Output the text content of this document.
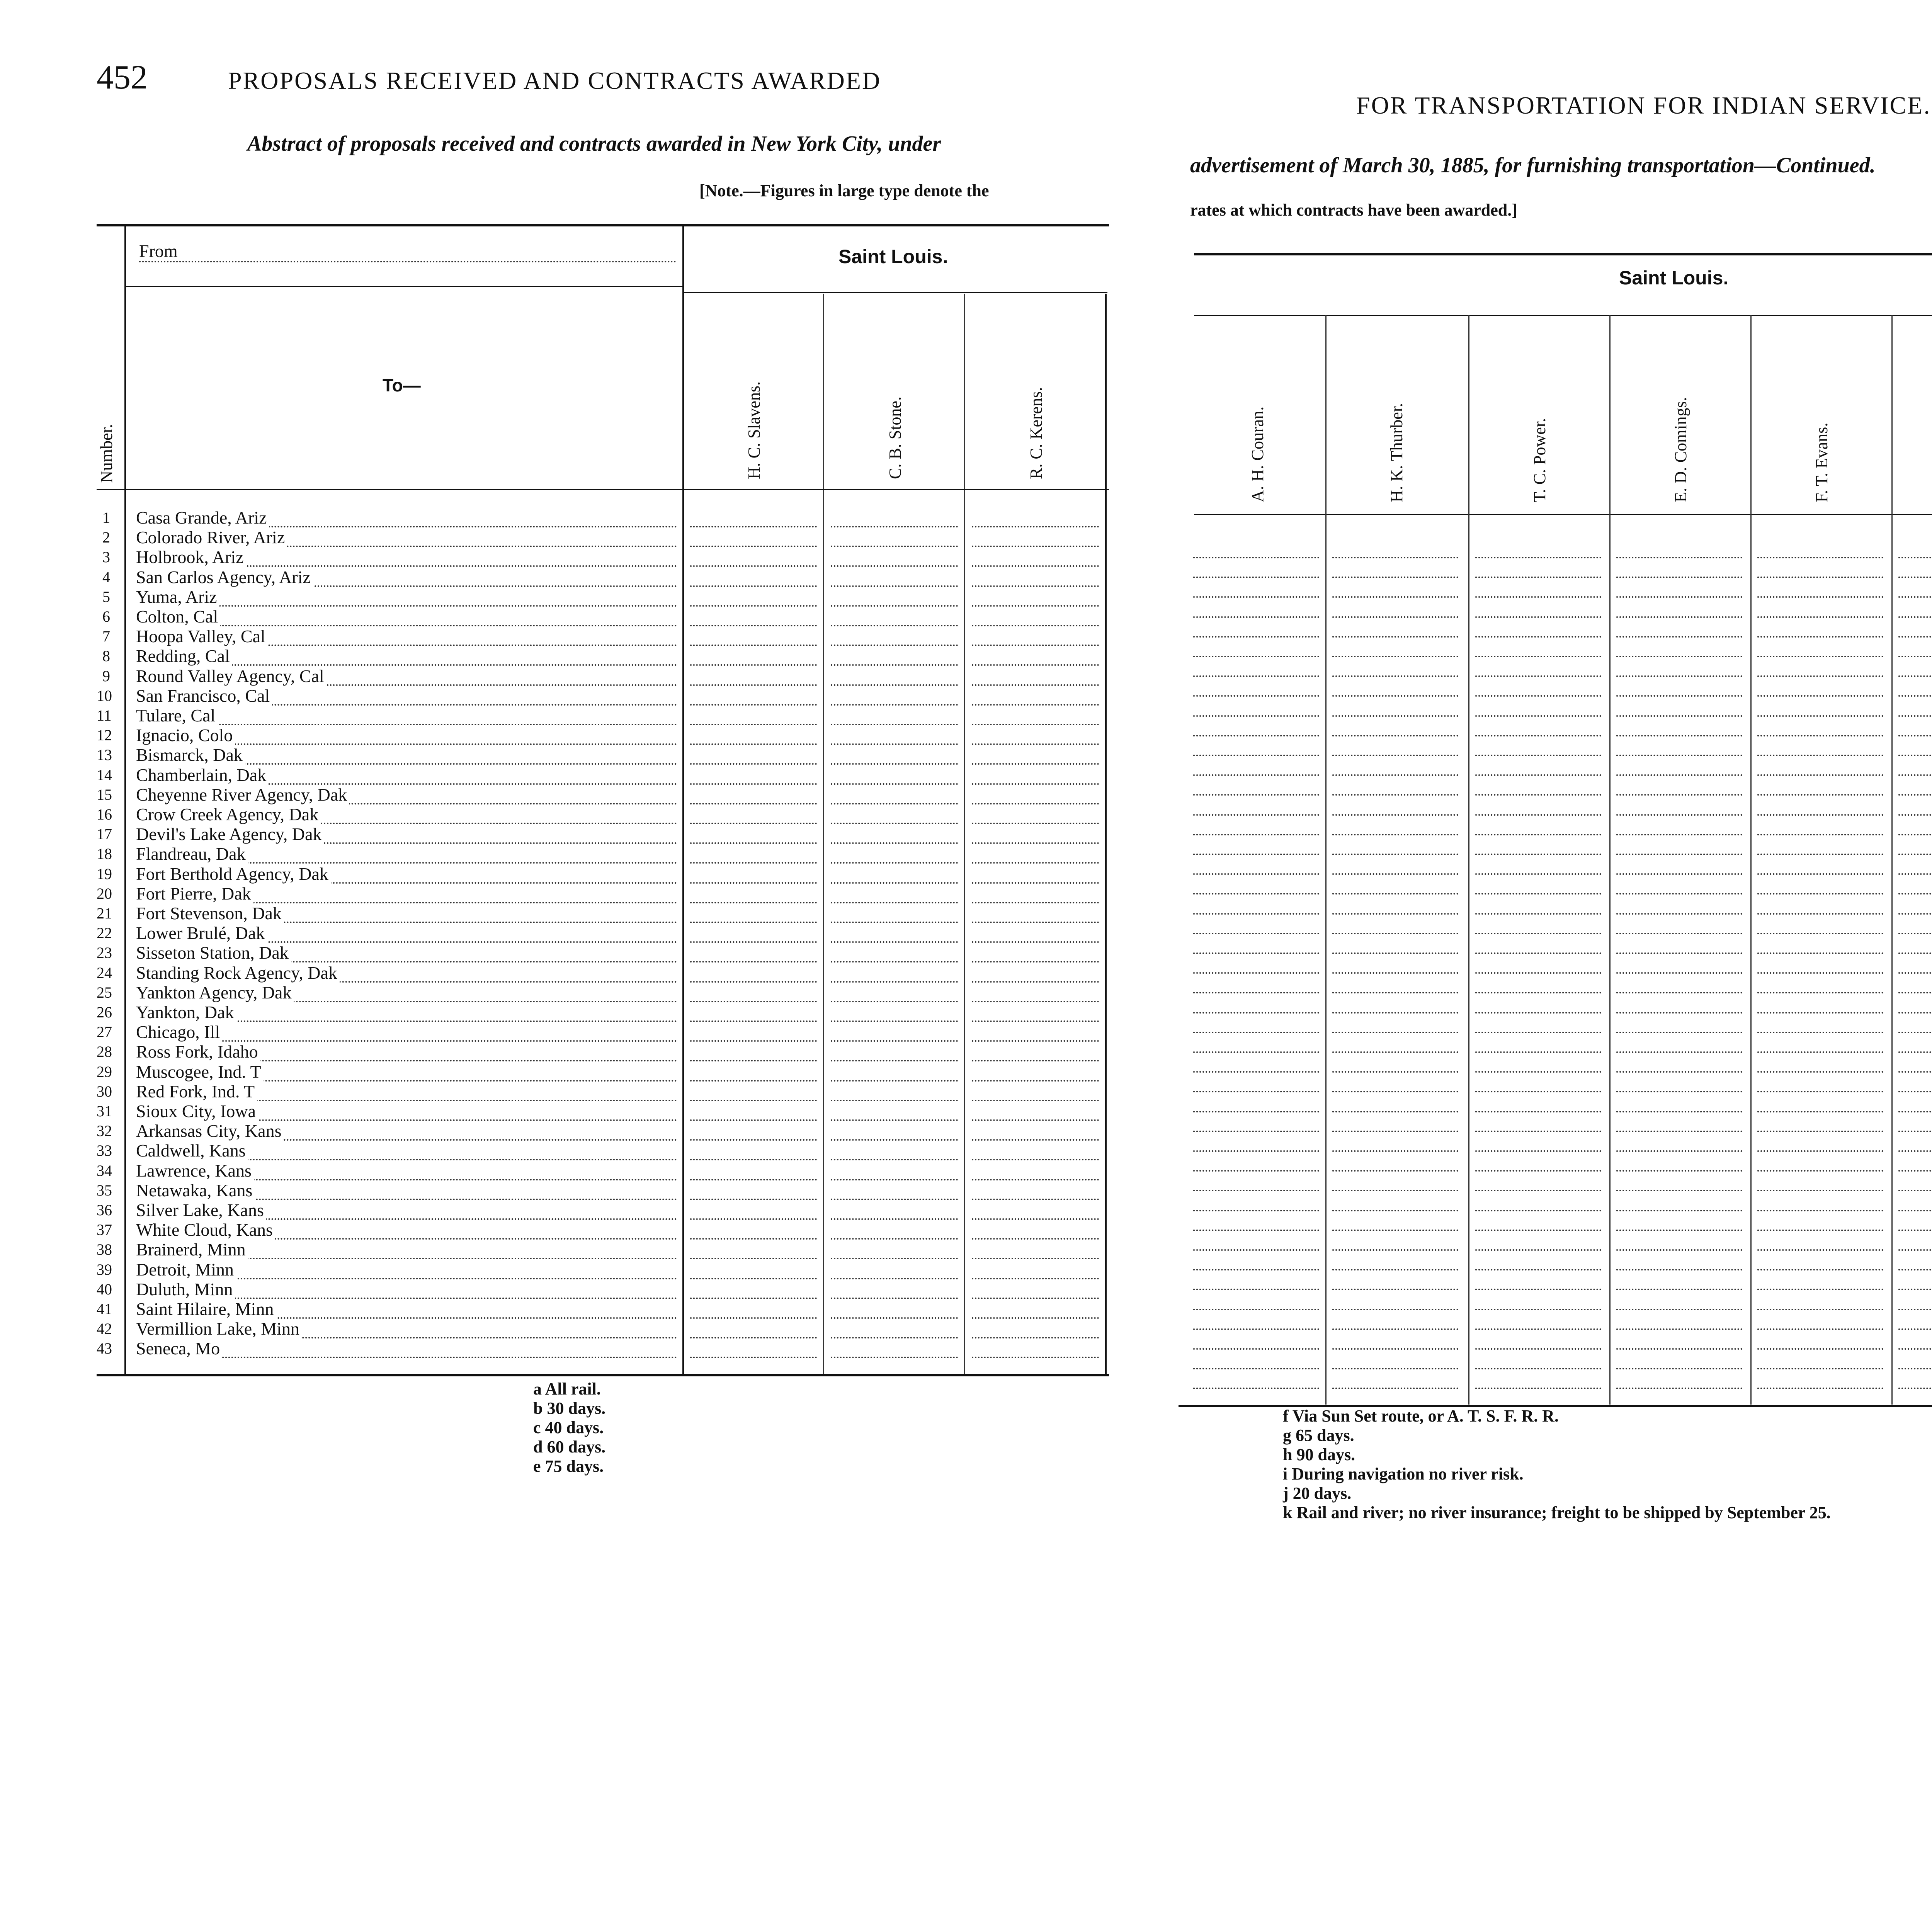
452	PROPOSALS RECEIVED AND CONTRACTS AWARDED
Abstract of proposals received and contracts awarded in New York City, under
[Note.—Figures in large type denote the
From	Saint Louis.
To—
Number.	H. C. Slavens.	C. B. Stone.	R. C. Kerens.
1 Casa Grande, Ariz
2 Colorado River, Ariz
3 Holbrook, Ariz
4 San Carlos Agency, Ariz
5 Yuma, Ariz
6 Colton, Cal
7 Hoopa Valley, Cal
8 Redding, Cal
9 Round Valley Agency, Cal
10 San Francisco, Cal
11 Tulare, Cal
12 Ignacio, Colo
13 Bismarck, Dak
14 Chamberlain, Dak
15 Cheyenne River Agency, Dak
16 Crow Creek Agency, Dak
17 Devil's Lake Agency, Dak
18 Flandreau, Dak
19 Fort Berthold Agency, Dak
20 Fort Pierre, Dak
21 Fort Stevenson, Dak
22 Lower Brulé, Dak
23 Sisseton Station, Dak
24 Standing Rock Agency, Dak
25 Yankton Agency, Dak
26 Yankton, Dak
27 Chicago, Ill
28 Ross Fork, Idaho
29 Muscogee, Ind. T
30 Red Fork, Ind. T
31 Sioux City, Iowa
32 Arkansas City, Kans
33 Caldwell, Kans
34 Lawrence, Kans
35 Netawaka, Kans
36 Silver Lake, Kans
37 White Cloud, Kans
38 Brainerd, Minn
39 Detroit, Minn
40 Duluth, Minn
41 Saint Hilaire, Minn
42 Vermillion Lake, Minn
43 Seneca, Mo
a All rail.
b 30 days.
c 40 days.
d 60 days.
e 75 days.
FOR TRANSPORTATION FOR INDIAN SERVICE.
advertisement of March 30, 1885, for furnishing transportation—Continued.
rates at which contracts have been awarded.]
Saint Louis.
A. H. Couran.	H. K. Thurber.	T. C. Power.	E. D. Comings.	F. T. Evans.
f Via Sun Set route, or A. T. S. F. R. R.
g 65 days.
h 90 days.
i During navigation no river risk.
j 20 days.
k Rail and river; no river insurance; freight to be shipped by September 25.
